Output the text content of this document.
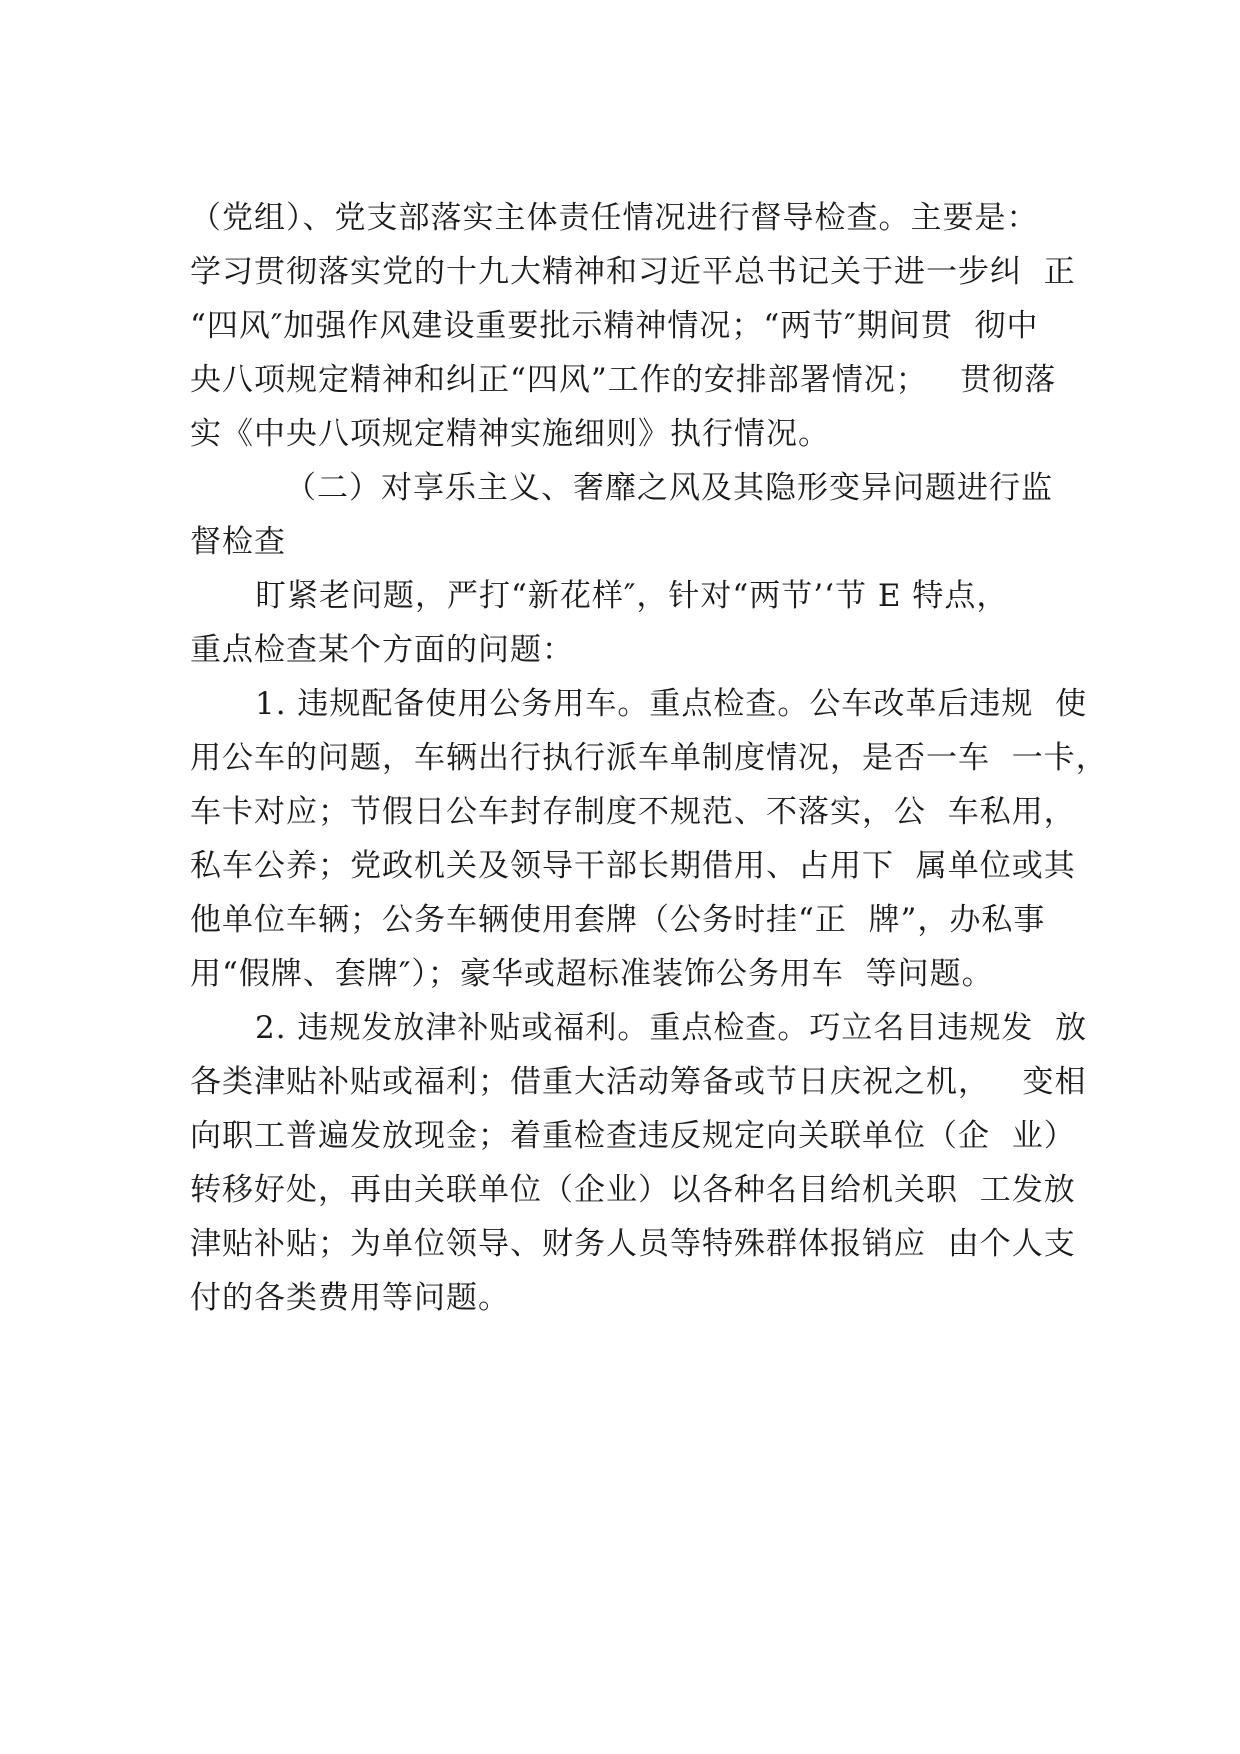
（党组）、党支部落实主体责任情况进行督导检查。主要是：
学习贯彻落实党的十九大精神和习近平总书记关于进一步纠  正
“四风″加强作风建设重要批示精神情况；“两节″期间贯  彻中
央八项规定精神和纠正“四风”工作的安排部署情况；   贯彻落
实《中央八项规定精神实施细则》执行情况。
（二）对享乐主义、奢靡之风及其隐形变异问题进行监
督检查
盯紧老问题，严打“新花样″，针对“两节’‘节 E 特点，
重点检查某个方面的问题：
1. 违规配备使用公务用车。重点检查。公车改革后违规  使
用公车的问题，车辆出行执行派车单制度情况，是否一车  一卡，
车卡对应；节假日公车封存制度不规范、不落实，公  车私用，
私车公养；党政机关及领导干部长期借用、占用下  属单位或其
他单位车辆；公务车辆使用套牌（公务时挂“正  牌”，办私事
用“假牌、套牌″）；豪华或超标准装饰公务用车  等问题。
2. 违规发放津补贴或福利。重点检查。巧立名目违规发  放
各类津贴补贴或福利；借重大活动筹备或节日庆祝之机，   变相
向职工普遍发放现金；着重检查违反规定向关联单位（企  业）
转移好处，再由关联单位（企业）以各种名目给机关职  工发放
津贴补贴；为单位领导、财务人员等特殊群体报销应  由个人支
付的各类费用等问题。
